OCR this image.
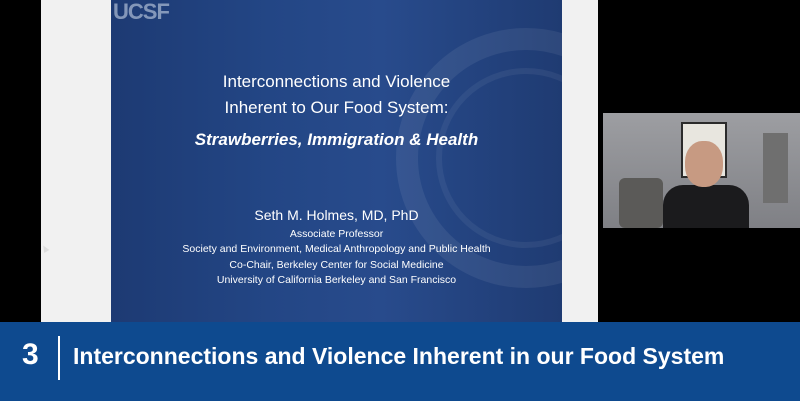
UCSF
Interconnections and Violence
Inherent to Our Food System:
Strawberries, Immigration & Health
Seth M. Holmes, MD, PhD
Associate Professor
Society and Environment, Medical Anthropology and Public Health
Co-Chair, Berkeley Center for Social Medicine
University of California Berkeley and San Francisco
3 Interconnections and Violence Inherent in our Food System
